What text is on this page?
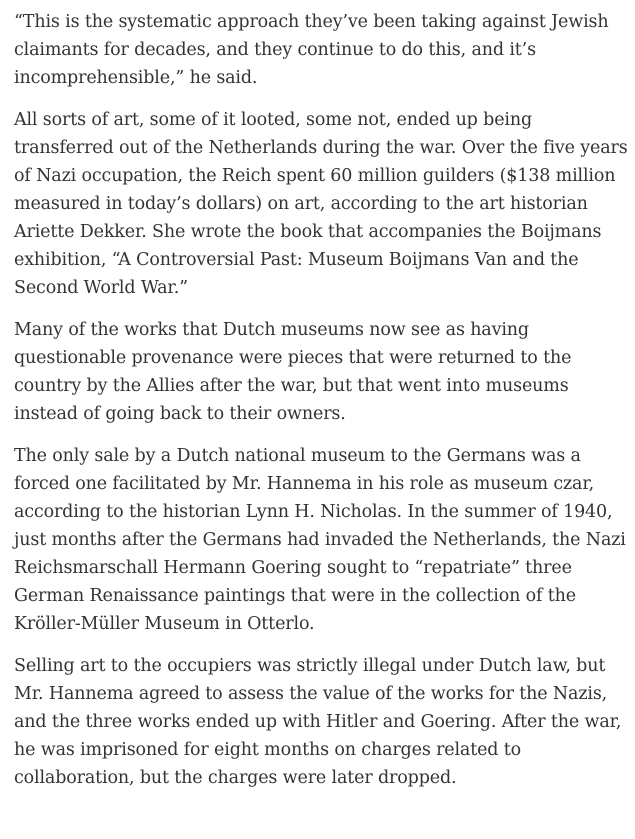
“This is the systematic approach they’ve been taking against Jewish claimants for decades, and they continue to do this, and it’s incomprehensible,” he said.

All sorts of art, some of it looted, some not, ended up being transferred out of the Netherlands during the war. Over the five years of Nazi occupation, the Reich spent 60 million guilders ($138 million measured in today’s dollars) on art, according to the art historian Ariette Dekker. She wrote the book that accompanies the Boijmans exhibition, “A Controversial Past: Museum Boijmans Van and the Second World War.”

Many of the works that Dutch museums now see as having questionable provenance were pieces that were returned to the country by the Allies after the war, but that went into museums instead of going back to their owners.

The only sale by a Dutch national museum to the Germans was a forced one facilitated by Mr. Hannema in his role as museum czar, according to the historian Lynn H. Nicholas. In the summer of 1940, just months after the Germans had invaded the Netherlands, the Nazi Reichsmarschall Hermann Goering sought to “repatriate” three German Renaissance paintings that were in the collection of the Kröller-Müller Museum in Otterlo.

Selling art to the occupiers was strictly illegal under Dutch law, but Mr. Hannema agreed to assess the value of the works for the Nazis, and the three works ended up with Hitler and Goering. After the war, he was imprisoned for eight months on charges related to collaboration, but the charges were later dropped.
